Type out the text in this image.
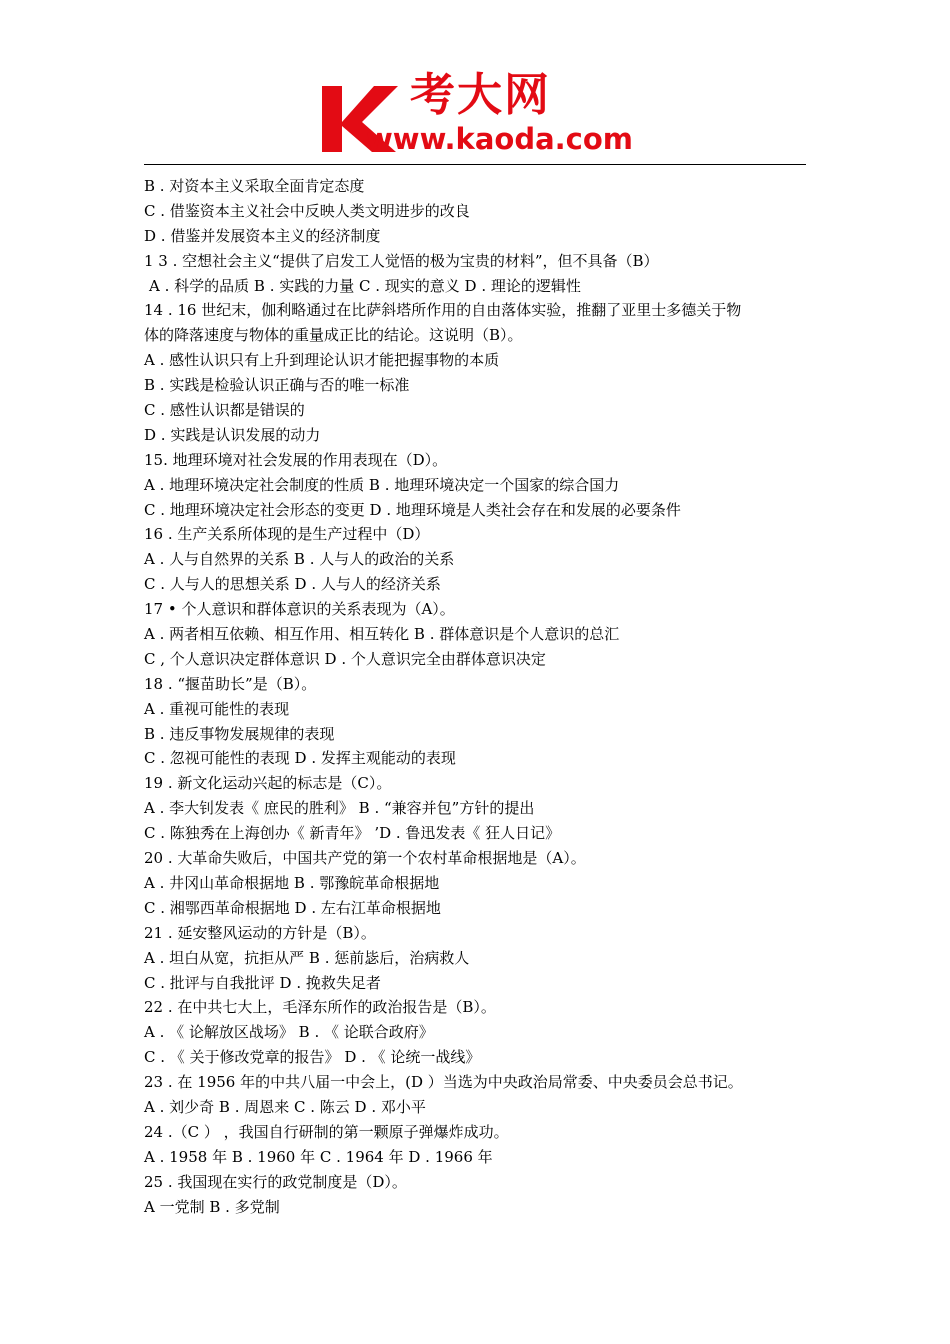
考大网
www.kaoda.com
B . 对资本主义采取全面肯定态度
C . 借鉴资本主义社会中反映人类文明进步的改良
D . 借鉴并发展资本主义的经济制度
1 3 . 空想社会主义“提供了启发工人觉悟的极为宝贵的材料”，但不具备（B）
A . 科学的品质 B . 实践的力量 C . 现实的意义 D . 理论的逻辑性
14 . 16 世纪末，伽利略通过在比萨斜塔所作用的自由落体实验，推翻了亚里士多德关于物
体的降落速度与物体的重量成正比的结论。这说明（B）。
A . 感性认识只有上升到理论认识才能把握事物的本质
B . 实践是检验认识正确与否的唯一标准
C . 感性认识都是错误的
D . 实践是认识发展的动力
15. 地理环境对社会发展的作用表现在（D）。
A . 地理环境决定社会制度的性质 B . 地理环境决定一个国家的综合国力
C . 地理环境决定社会形态的变更 D . 地理环境是人类社会存在和发展的必要条件
16 . 生产关系所体现的是生产过程中（D）
A . 人与自然界的关系 B . 人与人的政治的关系
C . 人与人的思想关系 D . 人与人的经济关系
17 • 个人意识和群体意识的关系表现为（A）。
A . 两者相互依赖、相互作用、相互转化 B . 群体意识是个人意识的总汇
C , 个人意识决定群体意识 D . 个人意识完全由群体意识决定
18 . “揠苗助长”是（B）。
A . 重视可能性的表现
B . 违反事物发展规律的表现
C . 忽视可能性的表现 D . 发挥主观能动的表现
19 . 新文化运动兴起的标志是（C）。
A . 李大钊发表《 庶民的胜利》 B . “兼容并包”方针的提出
C . 陈独秀在上海创办《 新青年》 ’D . 鲁迅发表《 狂人日记》
20 . 大革命失败后，中国共产党的第一个农村革命根据地是（A）。
A . 井冈山革命根据地 B . 鄂豫皖革命根据地
C . 湘鄂西革命根据地 D . 左右江革命根据地
21 . 延安整风运动的方针是（B）。
A . 坦白从宽，抗拒从严 B . 惩前毖后，治病救人
C . 批评与自我批评 D . 挽救失足者
22 . 在中共七大上，毛泽东所作的政治报告是（B）。
A . 《 论解放区战场》 B . 《 论联合政府》
C . 《 关于修改党章的报告》 D . 《 论统一战线》
23 . 在 1956 年的中共八届一中会上，(D ）当选为中央政治局常委、中央委员会总书记。
A . 刘少奇 B . 周恩来 C . 陈云 D . 邓小平
24 .（C ） ，我国自行研制的第一颗原子弹爆炸成功。
A . 1958 年 B . 1960 年 C . 1964 年 D . 1966 年
25 . 我国现在实行的政党制度是（D）。
A 一党制 B . 多党制
